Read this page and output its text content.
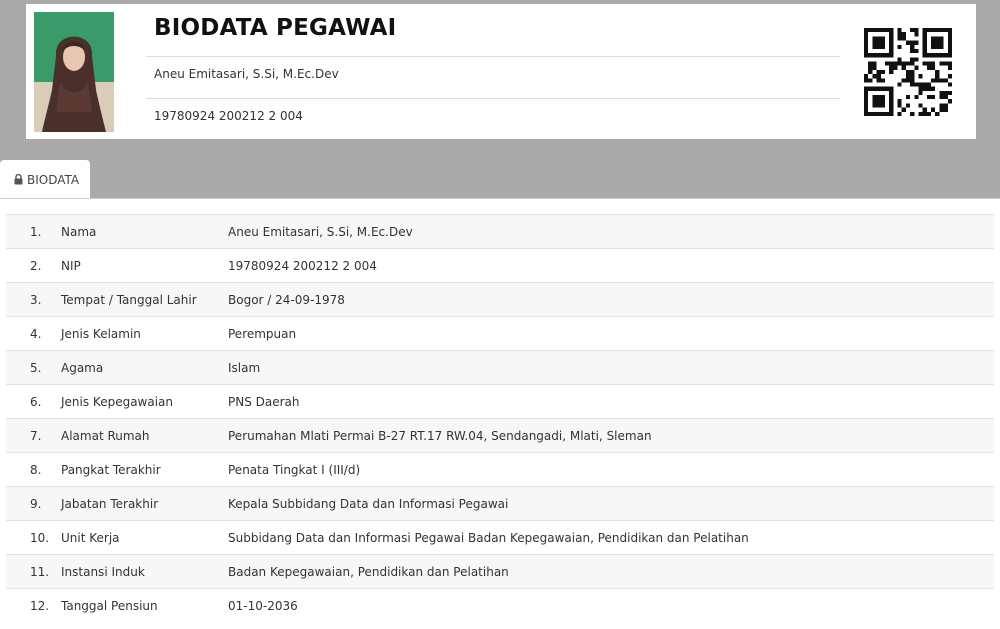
BIODATA PEGAWAI
Aneu Emitasari, S.Si, M.Ec.Dev
19780924 200212 2 004
BIODATA
1.	Nama	Aneu Emitasari, S.Si, M.Ec.Dev
2.	NIP	19780924 200212 2 004
3.	Tempat / Tanggal Lahir	Bogor / 24-09-1978
4.	Jenis Kelamin	Perempuan
5.	Agama	Islam
6.	Jenis Kepegawaian	PNS Daerah
7.	Alamat Rumah	Perumahan Mlati Permai B-27 RT.17 RW.04, Sendangadi, Mlati, Sleman
8.	Pangkat Terakhir	Penata Tingkat I (III/d)
9.	Jabatan Terakhir	Kepala Subbidang Data dan Informasi Pegawai
10.	Unit Kerja	Subbidang Data dan Informasi Pegawai Badan Kepegawaian, Pendidikan dan Pelatihan
11.	Instansi Induk	Badan Kepegawaian, Pendidikan dan Pelatihan
12.	Tanggal Pensiun	01-10-2036
